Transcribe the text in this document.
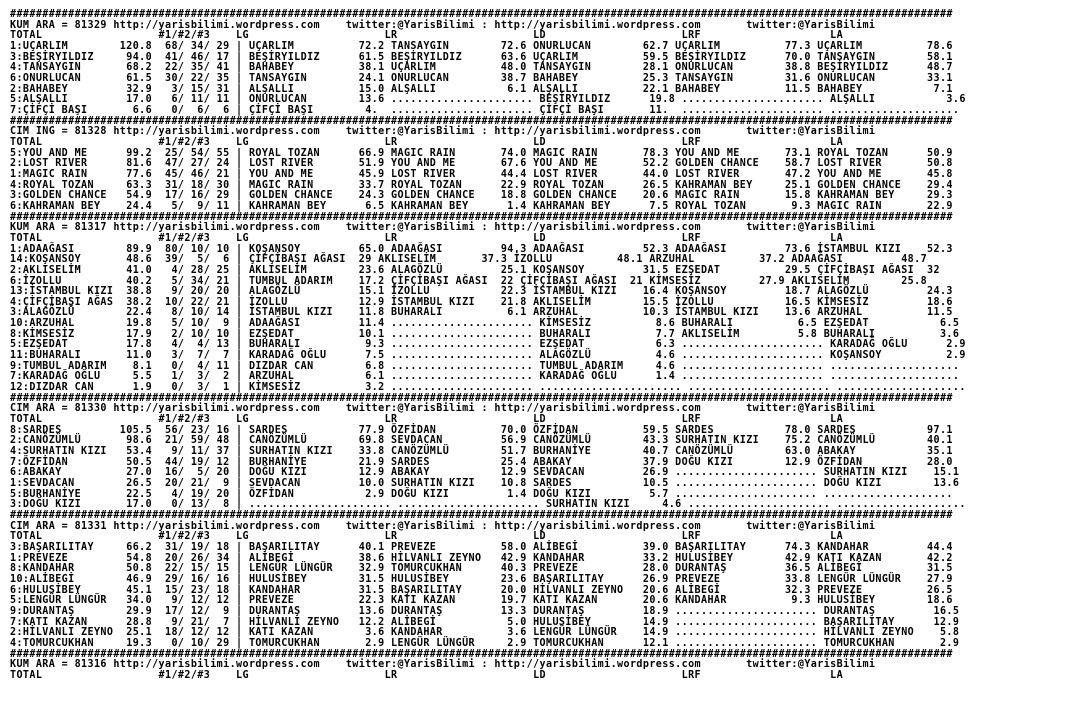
##################################################################################################################################################
KUM ARA = 81329 http://yarisbilimi.wordpress.com    twitter:@YarisBilimi : http://yarisbilimi.wordpress.com       twitter:@YarisBilimi
TOTAL                  #1/#2/#3    LG                     LR                     LD                     LRF                    LA
1:UÇARLIM        120.8  68/ 34/ 29 | UÇARLIM          72.2 TANSAYGIN        72.6 ONURLUCAN        62.7 UÇARLIM          77.3 UÇARLIM          78.6
3:BEŞİRYILDIZ     94.0  41/ 46/ 17 | BEŞİRYILDIZ      61.5 BEŞİRYILDIZ      63.6 UÇARLIM          59.5 BEŞİRYILDIZ      70.0 TANSAYGIN        58.1
4:TANSAYGIN       68.2  22/ 35/ 41 | BAHABEY          38.1 UÇARLIM          48.0 TANSAYGIN        28.1 ONURLUCAN        38.8 BEŞİRYILDIZ      48.7
6:ONURLUCAN       61.5  30/ 22/ 35 | TANSAYGIN        24.1 ONURLUCAN        38.7 BAHABEY          25.3 TANSAYGIN        31.6 ONURLUCAN        33.1
2:BAHABEY         32.9   3/ 15/ 31 | ALŞALLI          15.0 ALŞALLI           6.1 ALŞALLI          22.1 BAHABEY          11.5 BAHABEY           7.1
5:ALŞALLI         17.0   6/ 11/ 11 | ONURLUCAN        13.6 ...................... BEŞİRYILDIZ      19.8 ...................... ALŞALLI           3.6
7:ÇİFÇİ BAŞI       6.6   0/  6/  6 | ÇİFÇİ BAŞI        4.  ...................... ÇİFÇİ BAŞI       11.  ...................... ....................
##################################################################################################################################################
CIM ING = 81328 http://yarisbilimi.wordpress.com    twitter:@YarisBilimi : http://yarisbilimi.wordpress.com       twitter:@YarisBilimi
TOTAL                  #1/#2/#3    LG                     LR                     LD                     LRF                    LA
5:YOU AND ME      99.2  25/ 54/ 55 | ROYAL TOZAN      66.9 MAGIC RAIN       74.0 MAGIC RAIN       78.3 YOU AND ME       73.1 ROYAL TOZAN      50.9
2:LOST RIVER      81.6  47/ 27/ 24 | LOST RIVER       51.9 YOU AND ME       67.6 YOU AND ME       52.2 GOLDEN CHANCE    58.7 LOST RIVER       50.8
1:MAGIC RAIN      77.6  45/ 46/ 21 | YOU AND ME       45.9 LOST RIVER       44.4 LOST RIVER       44.0 LOST RIVER       47.2 YOU AND ME       45.8
4:ROYAL TOZAN     63.3  31/ 18/ 30 | MAGIC RAIN       33.7 ROYAL TOZAN      22.9 ROYAL TOZAN      26.5 KAHRAMAN BEY     25.1 GOLDEN CHANCE    29.4
3:GOLDEN CHANCE   54.9  17/ 16/ 29 | GOLDEN CHANCE    24.3 GOLDEN CHANCE    18.8 GOLDEN CHANCE    20.6 MAGIC RAIN       15.8 KAHRAMAN BEY     29.3
6:KAHRAMAN BEY    24.4   5/  9/ 11 | KAHRAMAN BEY      6.5 KAHRAMAN BEY      1.4 KAHRAMAN BEY      7.5 ROYAL TOZAN       9.3 MAGIC RAIN       22.9
##################################################################################################################################################
KUM ARA = 81317 http://yarisbilimi.wordpress.com    twitter:@YarisBilimi : http://yarisbilimi.wordpress.com       twitter:@YarisBilimi
TOTAL                  #1/#2/#3    LG                     LR                     LD                     LRF                    LA
1:ADAAĞASI        89.9  80/ 10/ 10 | KOŞANSOY         65.0 ADAAĞASI         94.3 ADAAĞASI         52.3 ADAAĞASI         73.6 İSTAMBUL KIZI    52.3
14:KOŞANSOY       48.6  39/  5/  6 | ÇİFÇİBAŞI AĞASI  29 AKLISELİM       37.3 İZOLLU          48.1 ARZUHAL          37.2 ADAAĞASI         48.7
2:AKLISELİM       41.0   4/ 28/ 25 | AKLISELİM        23.6 ALAGÖZLÜ         25.1 KOŞANSOY         31.5 EZŞEDAT          29.5 ÇİFÇİBAŞI AĞASI  32
6:İZOLLU          40.2   5/ 34/ 21 | TUMBUL ADARIM    17.2 ÇİFÇİBAŞI AĞASI  22 ÇİFÇİBAŞI AĞASI  21 KİMSESİZ         27.9 AKLISELİM        25.8
13:İSTAMBUL KIZI  38.8   9/ 20/ 20 | ALAGÖZLÜ         15.1 İZOLLU           22.3 İSTAMBUL KIZI    16.4 KOŞANSOY         18.7 ALAGÖZLÜ         24.3
4:ÇİFÇİBAŞI AĞAS  38.2  10/ 22/ 21 | İZOLLU           12.9 İSTAMBUL KIZI    21.8 AKLISELİM        15.5 İZOLLU           16.5 KİMSESİZ         18.6
3:ALAGÖZLÜ        22.4   8/ 10/ 14 | İSTAMBUL KIZI    11.8 BUHARALI          6.1 ARZUHAL          10.3 İSTAMBUL KIZI    13.6 ARZUHAL          11.5
10:ARZUHAL        19.8   5/ 10/  9 | ADAAĞASI         11.4 ...................... KİMSESİZ          8.6 BUHARALI          6.5 EZŞEDAT           6.5
8:KİMSESİZ        17.9   2/ 10/ 10 | EZŞEDAT          10.1 ...................... BUHARALI          7.7 AKLISELİM         5.8 BUHARALI          3.6
5:EZŞEDAT         17.8   4/  4/ 13 | BUHARALI          9.3 ...................... EZŞEDAT           6.3 ...................... KARADAĞ OĞLU      2.9
11:BUHARALI       11.0   3/  7/  7 | KARADAĞ OĞLU      7.5 ...................... ALAGÖZLÜ          4.6 ...................... KOŞANSOY          2.9
9:TUMBUL ADARIM    8.1   0/  4/ 11 | DIZDAR CAN        6.8 ...................... TUMBUL ADARIM     4.6 ...................... ....................
7:KARADAĞ OĞLU     5.5   1/  3/  2 | ARZUHAL           6.1 ...................... KARADAĞ OĞLU      1.4 ...................... ....................
12:DIZDAR CAN      1.9   0/  3/  1 | KİMSESİZ          3.2 ...................... ...................... ...................... ....................
##################################################################################################################################################
CIM ARA = 81330 http://yarisbilimi.wordpress.com    twitter:@YarisBilimi : http://yarisbilimi.wordpress.com       twitter:@YarisBilimi
TOTAL                  #1/#2/#3    LG                     LR                     LD                     LRF                    LA
8:SARDES         105.5  56/ 23/ 16 | SARDES           77.9 ÖZFİDAN          70.0 ÖZFİDAN          59.5 SARDES           78.0 SARDES           97.1
2:CANÖZÜMLÜ       98.6  21/ 59/ 48 | CANÖZÜMLÜ        69.8 SEVDACAN         56.9 CANÖZÜMLÜ        43.3 SURHATIN KIZI    75.2 CANÖZÜMLÜ        40.1
4:SURHATIN KIZI   53.4   9/ 11/ 37 | SURHATIN KIZI    33.8 CANÖZÜMLÜ        51.7 BURHANİYE        40.7 CANÖZÜMLÜ        63.0 ABAKAY           35.1
7:ÖZFİDAN         50.5  44/ 19/ 12 | BURHANİYE        21.9 SARDES           25.4 ABAKAY           37.9 DOĞU KIZI        12.9 ÖZFİDAN          28.0
6:ABAKAY          27.0  16/  5/ 20 | DOĞU KIZI        12.9 ABAKAY           12.9 SEVDACAN         26.9 ...................... SURHATIN KIZI    15.1
1:SEVDACAN        26.5  20/ 21/  9 | SEVDACAN         10.0 SURHATIN KIZI    10.8 SARDES           10.5 ...................... DOĞU KIZI        13.6
5:BURHANİYE       22.5   4/ 19/ 20 | ÖZFİDAN           2.9 DOĞU KIZI         1.4 DOĞU KIZI         5.7 ...................... ....................
3:DOĞU KIZI       17.0   0/ 13/  8 | ...................... ...................... SURHATIN KIZI     4.6 ...................... ....................
##################################################################################################################################################
CIM ARA = 81331 http://yarisbilimi.wordpress.com    twitter:@YarisBilimi : http://yarisbilimi.wordpress.com       twitter:@YarisBilimi
TOTAL                  #1/#2/#3    LG                     LR                     LD                     LRF                    LA
3:BAŞARILITAY     66.2  31/ 19/ 18 | BAŞARILITAY      40.1 PREVEZE          58.0 ALİBEGİ          39.0 BAŞARILITAY      74.3 KANDAHAR         44.4
1:PREVEZE         54.8  20/ 26/ 34 | ALİBEGİ          38.6 HİLVANLI ZEYNO   42.9 KANDAHAR         33.2 HULUSİBEY        42.9 KATI KAZAN       42.2
8:KANDAHAR        50.8  22/ 15/ 15 | LENGÜR LÜNGÜR    32.9 TOMURCUKHAN      40.3 PREVEZE          28.0 DURANTAŞ         36.5 ALİBEGİ          31.5
10:ALİBEGİ        46.9  29/ 16/ 16 | HULUSİBEY        31.5 HULUSİBEY        23.6 BAŞARILITAY      26.9 PREVEZE          33.8 LENGÜR LÜNGÜR    27.9
6:HULUSİBEY       45.1  15/ 23/ 18 | KANDAHAR         31.5 BAŞARILITAY      20.0 HİLVANLI ZEYNO   20.6 ALİBEGİ          32.3 PREVEZE          26.5
5:LENGÜR LÜNGÜR   34.0   9/ 12/ 12 | PREVEZE          22.3 KATI KAZAN       19.7 KATI KAZAN       20.6 KANDAHAR          9.3 HULUSİBEY        18.6
9:DURANTAŞ        29.9  17/ 12/  9 | DURANTAŞ         13.6 DURANTAŞ         13.3 DURANTAŞ         18.9 ...................... DURANTAŞ         16.5
7:KATI KAZAN      28.8   9/ 21/  7 | HİLVANLI ZEYNO   12.2 ALİBEGİ           5.0 HULUSİBEY        14.9 ...................... BAŞARILITAY      12.9
2:HİLVANLI ZEYNO  25.1  18/ 12/ 12 | KATI KAZAN        3.6 KANDAHAR          3.6 LENGÜR LÜNGÜR    14.9 ...................... HİLVANLI ZEYNO    5.8
4:TOMURCUKHAN     19.3   0/ 10/ 29 | TOMURCUKHAN       2.9 LENGÜR LÜNGÜR     2.9 TOMURCUKHAN      12.1 ...................... TOMURCUKHAN       2.9
##################################################################################################################################################
KUM ARA = 81316 http://yarisbilimi.wordpress.com    twitter:@YarisBilimi : http://yarisbilimi.wordpress.com       twitter:@YarisBilimi
TOTAL                  #1/#2/#3    LG                     LR                     LD                     LRF                    LA
